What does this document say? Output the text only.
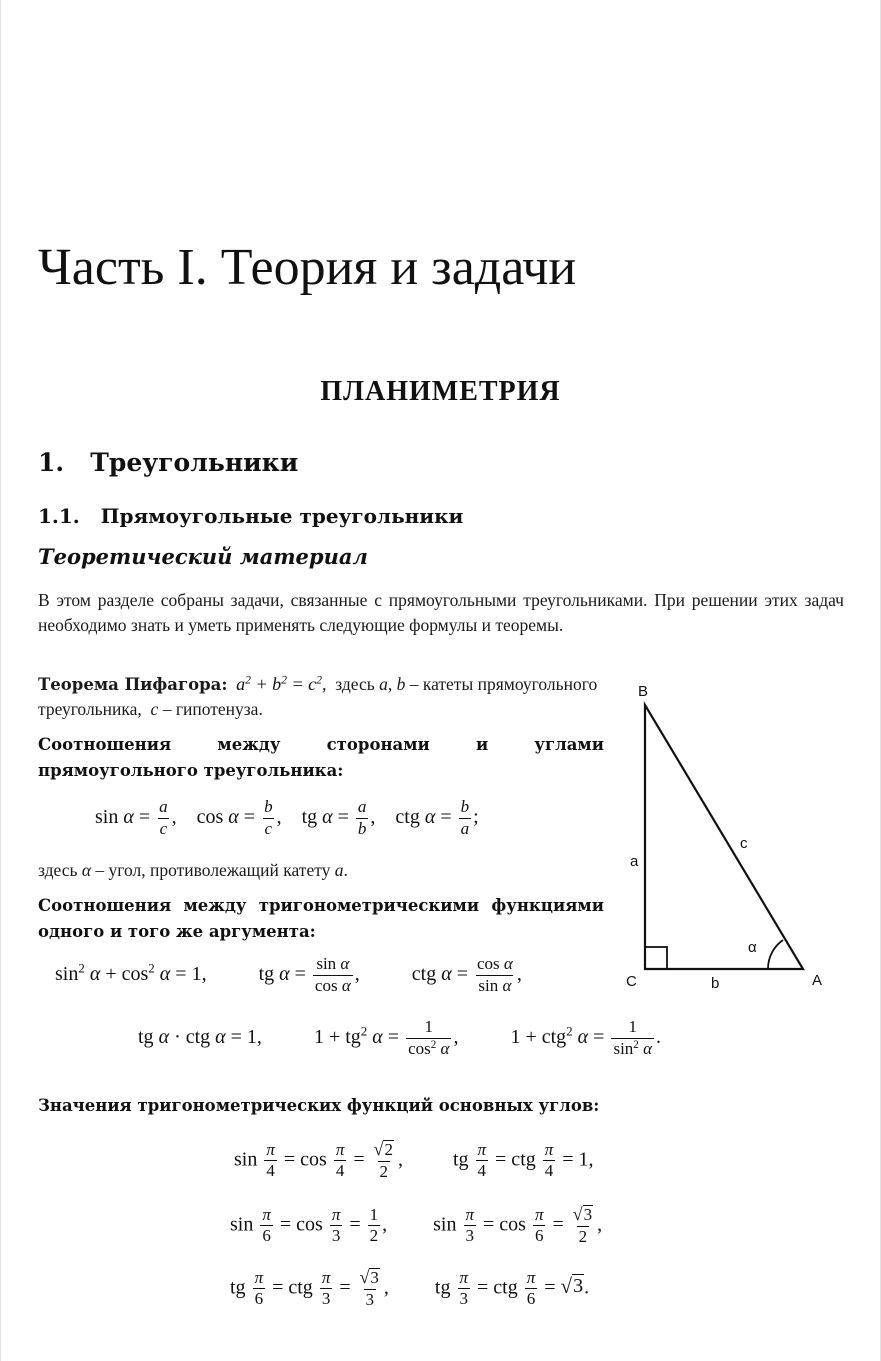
Часть I. Теория и задачи
ПЛАНИМЕТРИЯ
1. Треугольники
1.1. Прямоугольные треугольники
Теоретический материал
В этом разделе собраны задачи, связанные с прямоугольными треугольниками. При решении этих задач необходимо знать и уметь применять следующие формулы и теоремы.
Теорема Пифагора: $a^2 + b^2 = c^2$, здесь a, b – катеты прямоугольного треугольника, c – гипотенуза.
Соотношения между сторонами и углами прямоугольного треугольника:
$\sin \alpha = \frac{a}{c}$ ,    $\cos \alpha = \frac{b}{c}$ ,    tg $\alpha = \frac{a}{b}$ ,    ctg $\alpha = \frac{b}{a}$ ;
здесь α – угол, противолежащий катету a.
Соотношения между тригонометрическими функциями одного и того же аргумента:
$\sin^2 \alpha + \cos^2 \alpha = 1$,  tg $\alpha = \frac{\text{sin α}}{\text{cos α}}$ ,  ctg $\alpha = \frac{\text{cos α}}{\text{sin α}}$ ,
tg α · ctg α = 1,  $1 + tg^2$ $\alpha = \frac{1}{\cos^2 \alpha}$ ,  1 + ctg$^2$ $\alpha = \frac{1}{\sin^2 \alpha}$ .
Значения тригонометрических функций основных углов:
$\sin \frac{\pi}{4} = \cos \frac{\pi}{4} = \frac{√ 2}{2}$ ,  tg $\frac{\pi}{4}$ = ctg $\frac{\pi}{4} = 1$,
$\sin \frac{\pi}{6} = \cos \frac{\pi}{3} = \frac{1}{2}$ ,  $\sin \frac{\pi}{3} = \cos \frac{\pi}{6} = \frac{√ 3}{2}$ ,
tg $\frac{\pi}{6}$ = ctg $\frac{\pi}{3} = \frac{√ 3}{3}$ ,  tg $\frac{\pi}{3}$ = ctg $\frac{\pi}{6}$ = √ 3 .
B
C	A
a
b
c
α
